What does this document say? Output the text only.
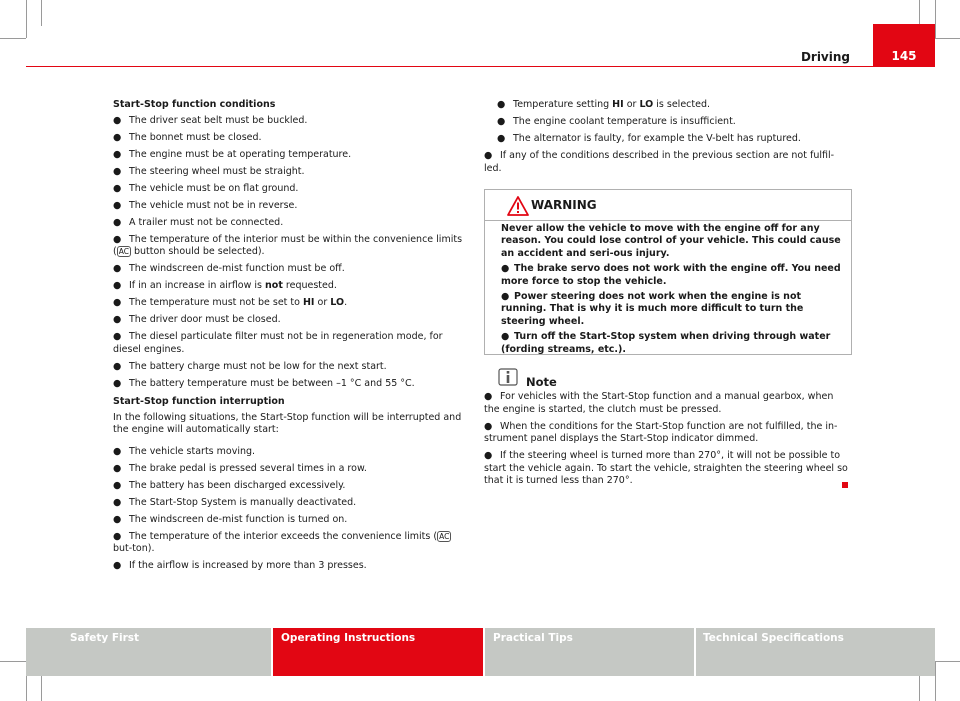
Driving	145

Start-Stop function conditions

● The driver seat belt must be buckled.

● The bonnet must be closed.

● The engine must be at operating temperature.

● The steering wheel must be straight.

● The vehicle must be on flat ground.

● The vehicle must not be in reverse.

● A trailer must not be connected.

● The temperature of the interior must be within the convenience limits ( AC button should be selected).

● The windscreen de-mist function must be off.

● If in an increase in airflow is not requested.

● The temperature must not be set to HI or LO.

● The driver door must be closed.

● The diesel particulate filter must not be in regeneration mode, for diesel engines.

● The battery charge must not be low for the next start.

● The battery temperature must be between –1 °C and 55 °C.

Start-Stop function interruption

In the following situations, the Start-Stop function will be interrupted and the engine will automatically start:

● The vehicle starts moving.

● The brake pedal is pressed several times in a row.

● The battery has been discharged excessively.

● The Start-Stop System is manually deactivated.

● The windscreen de-mist function is turned on.

● The temperature of the interior exceeds the convenience limits ( AC but-ton).

● If the airflow is increased by more than 3 presses.

● Temperature setting HI or LO is selected.

● The engine coolant temperature is insufficient.

● The alternator is faulty, for example the V-belt has ruptured.

● If any of the conditions described in the previous section are not fulfil-led.

WARNING

Never allow the vehicle to move with the engine off for any reason. You could lose control of your vehicle. This could cause an accident and seri-ous injury.

● The brake servo does not work with the engine off. You need more force to stop the vehicle.

● Power steering does not work when the engine is not running. That is why it is much more difficult to turn the steering wheel.

● Turn off the Start-Stop system when driving through water (fording streams, etc.).

Note

● For vehicles with the Start-Stop function and a manual gearbox, when the engine is started, the clutch must be pressed.

● When the conditions for the Start-Stop function are not fulfilled, the in-strument panel displays the Start-Stop indicator dimmed.

● If the steering wheel is turned more than 270°, it will not be possible to start the vehicle again. To start the vehicle, straighten the steering wheel so that it is turned less than 270°.

Safety First	Operating Instructions	Practical Tips	Technical Specifications
